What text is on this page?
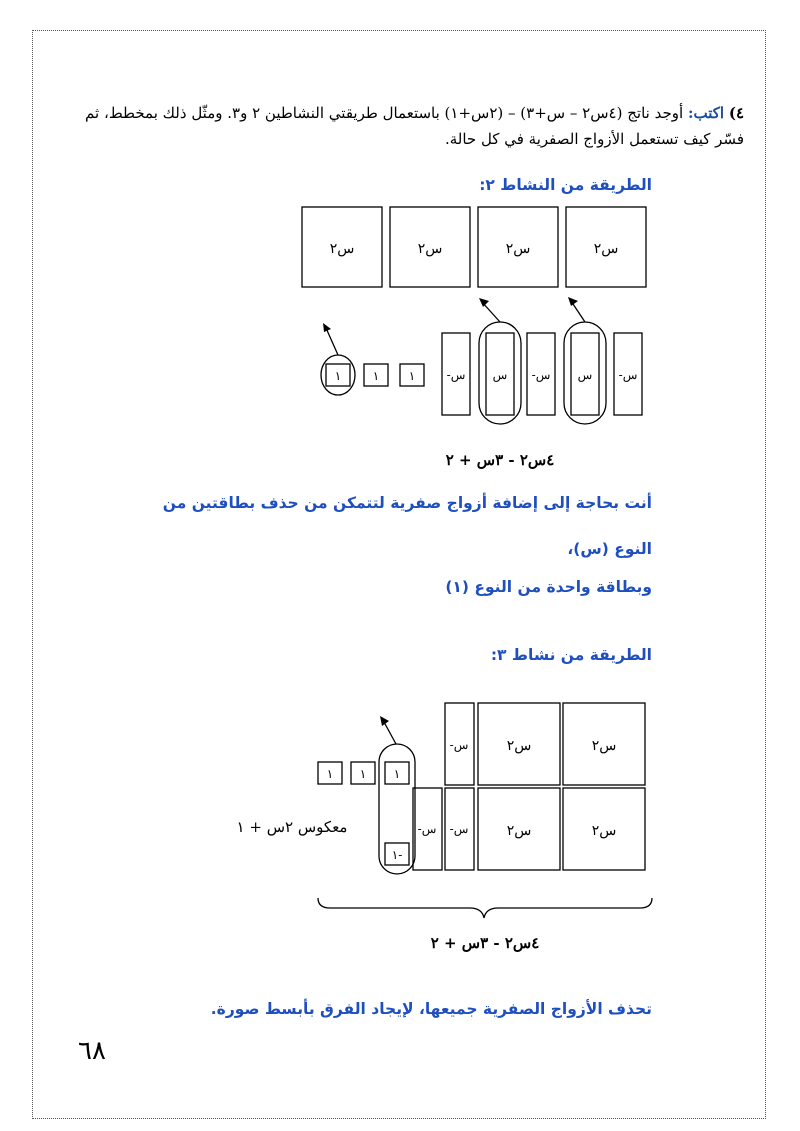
٤) اكتب: أوجد ناتج (٤س٢ – س+٣) – (٢س+١) باستعمال طريقتي النشاطين ٢ و٣. ومثّل ذلك بمخطط، ثم
فسّر كيف تستعمل الأزواج الصفرية في كل حالة.
الطريقة من النشاط ٢:
س٢	س٢	س٢	س٢
-س
س
-س
س
-س
١
١
١
٤س٢ - ٣س + ٢
أنت بحاجة إلى إضافة أزواج صفرية لتتمكن من حذف بطاقتين من
النوع (س)،
وبطاقة واحدة من النوع (١)
الطريقة من نشاط ٣:
س٢
س٢
س٢
س٢
-س
-س
-س
١
١
١
١-
معكوس ٢س + ١
٤س٢ - ٣س + ٢
تحذف الأزواج الصفرية جميعها، لإيجاد الفرق بأبسط صورة.
٦٨
